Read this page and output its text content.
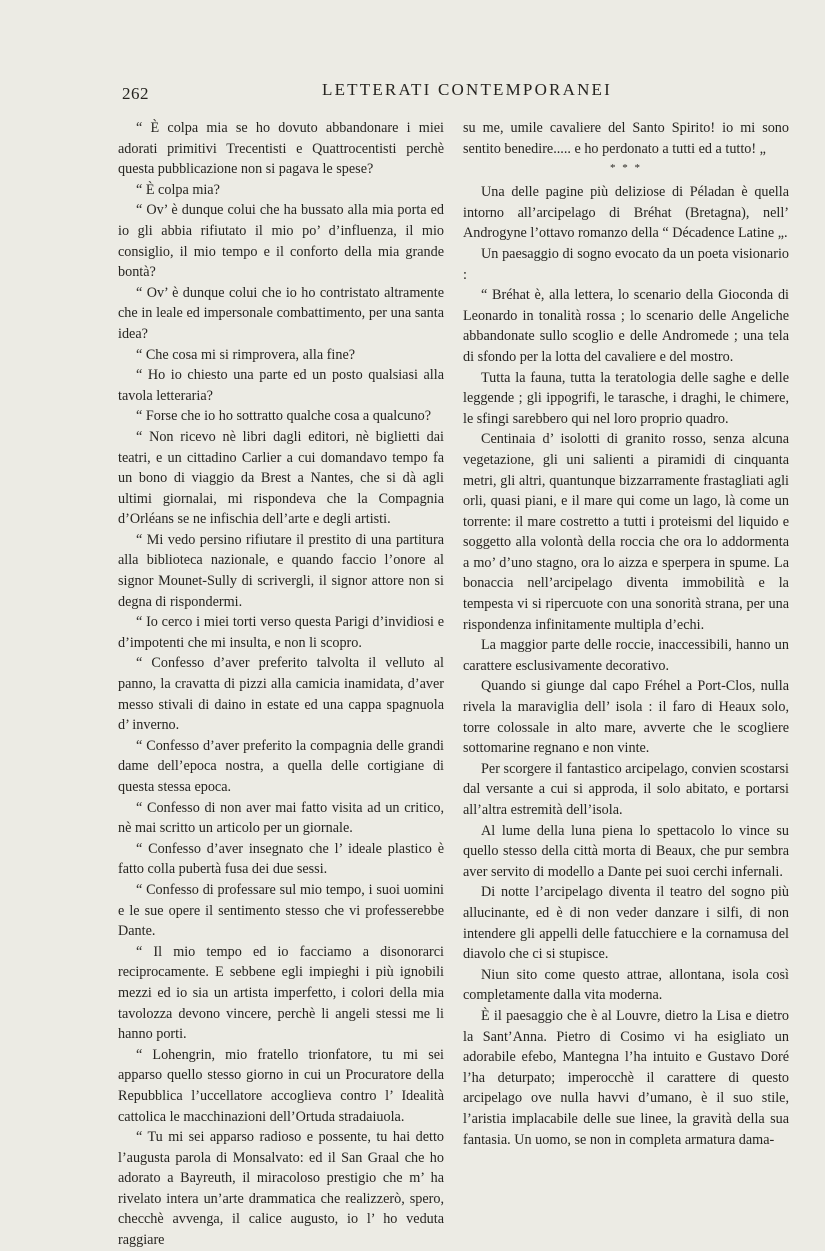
262	LETTERATI CONTEMPORANEI

“ È colpa mia se ho dovuto abbandonare i miei adorati primitivi Trecentisti e Quattrocentisti perchè questa pubblicazione non si pagava le spese?

“ È colpa mia?

“ Ov’ è dunque colui che ha bussato alla mia porta ed io gli abbia rifiutato il mio po’ d’influenza, il mio consiglio, il mio tempo e il conforto della mia grande bontà?

“ Ov’ è dunque colui che io ho contristato altramente che in leale ed impersonale combattimento, per una santa idea?

“ Che cosa mi si rimprovera, alla fine?

“ Ho io chiesto una parte ed un posto qualsiasi alla tavola letteraria?

“ Forse che io ho sottratto qualche cosa a qualcuno?

“ Non ricevo nè libri dagli editori, nè biglietti dai teatri, e un cittadino Carlier a cui domandavo tempo fa un bono di viaggio da Brest a Nantes, che si dà agli ultimi giornalai, mi rispondeva che la Compagnia d’Orléans se ne infischia dell’arte e degli artisti.

“ Mi vedo persino rifiutare il prestito di una partitura alla biblioteca nazionale, e quando faccio l’onore al signor Mounet-Sully di scrivergli, il signor attore non si degna di rispondermi.

“ Io cerco i miei torti verso questa Parigi d’invidiosi e d’impotenti che mi insulta, e non li scopro.

“ Confesso d’aver preferito talvolta il velluto al panno, la cravatta di pizzi alla camicia inamidata, d’aver messo stivali di daino in estate ed una cappa spagnuola d’ inverno.

“ Confesso d’aver preferito la compagnia delle grandi dame dell’epoca nostra, a quella delle cortigiane di questa stessa epoca.

“ Confesso di non aver mai fatto visita ad un critico, nè mai scritto un articolo per un giornale.

“ Confesso d’aver insegnato che l’ ideale plastico è fatto colla pubertà fusa dei due sessi.

“ Confesso di professare sul mio tempo, i suoi uomini e le sue opere il sentimento stesso che vi professerebbe Dante.

“ Il mio tempo ed io facciamo a disonorarci reciprocamente. E sebbene egli impieghi i più ignobili mezzi ed io sia un artista imperfetto, i colori della mia tavolozza devono vincere, perchè li angeli stessi me li hanno porti.

“ Lohengrin, mio fratello trionfatore, tu mi sei apparso quello stesso giorno in cui un Procuratore della Repubblica l’uccellatore accoglieva contro l’ Idealità cattolica le macchinazioni dell’Ortuda stradaiuola.

“ Tu mi sei apparso radioso e possente, tu hai detto l’augusta parola di Monsalvato: ed il San Graal che ho adorato a Bayreuth, il miracoloso prestigio che m’ ha rivelato intera un’arte drammatica che realizzerò, spero, checchè avvenga, il calice augusto, io l’ ho veduta raggiare

su me, umile cavaliere del Santo Spirito! io mi sono sentito benedire..... e ho perdonato a tutti ed a tutto! „

* * *

Una delle pagine più deliziose di Péladan è quella intorno all’arcipelago di Bréhat (Bretagna), nell’ Androgyne l’ottavo romanzo della “ Décadence Latine „.

Un paesaggio di sogno evocato da un poeta visionario :

“ Bréhat è, alla lettera, lo scenario della Gioconda di Leonardo in tonalità rossa ; lo scenario delle Angeliche abbandonate sullo scoglio e delle Andromede ; una tela di sfondo per la lotta del cavaliere e del mostro.

Tutta la fauna, tutta la teratologia delle saghe e delle leggende ; gli ippogrifi, le tarasche, i draghi, le chimere, le sfingi sarebbero qui nel loro proprio quadro.

Centinaia d’ isolotti di granito rosso, senza alcuna vegetazione, gli uni salienti a piramidi di cinquanta metri, gli altri, quantunque bizzarramente frastagliati agli orli, quasi piani, e il mare qui come un lago, là come un torrente: il mare costretto a tutti i proteismi del liquido e soggetto alla volontà della roccia che ora lo addormenta a mo’ d’uno stagno, ora lo aizza e sperpera in spume. La bonaccia nell’arcipelago diventa immobilità e la tempesta vi si ripercuote con una sonorità strana, per una rispondenza infinitamente multipla d’echi.

La maggior parte delle roccie, inaccessibili, hanno un carattere esclusivamente decorativo.

Quando si giunge dal capo Fréhel a Port-Clos, nulla rivela la maraviglia dell’ isola : il faro di Heaux solo, torre colossale in alto mare, avverte che le scogliere sottomarine regnano e non vinte.

Per scorgere il fantastico arcipelago, convien scostarsi dal versante a cui si approda, il solo abitato, e portarsi all’altra estremità dell’isola.

Al lume della luna piena lo spettacolo lo vince su quello stesso della città morta di Beaux, che pur sembra aver servito di modello a Dante pei suoi cerchi infernali.

Di notte l’arcipelago diventa il teatro del sogno più allucinante, ed è di non veder danzare i silfi, di non intendere gli appelli delle fatucchiere e la cornamusa del diavolo che ci si stupisce.

Niun sito come questo attrae, allontana, isola così completamente dalla vita moderna.

È il paesaggio che è al Louvre, dietro la Lisa e dietro la Sant’Anna. Pietro di Cosimo vi ha esigliato un adorabile efebo, Mantegna l’ha intuito e Gustavo Doré l’ha deturpato; imperocchè il carattere di questo arcipelago ove nulla havvi d’umano, è il suo stile, l’aristia implacabile delle sue linee, la gravità della sua fantasia. Un uomo, se non in completa armatura dama-
